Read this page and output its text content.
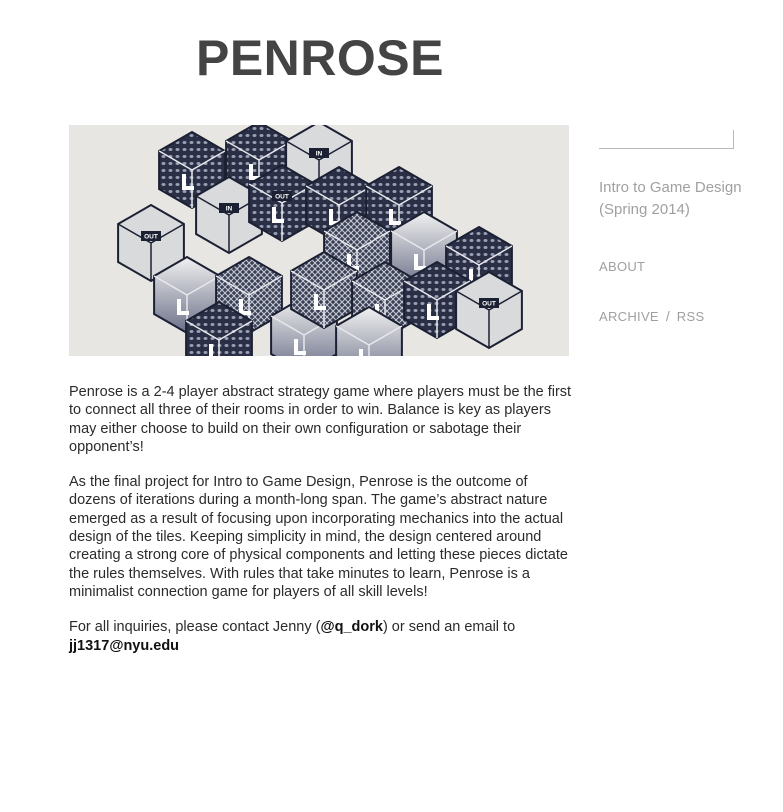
PENROSE
IN
IN
OUT
OUT
OUT

Penrose is a 2-4 player abstract strategy game where players must be the first to connect all three of their rooms in order to win. Balance is key as players may either choose to build on their own configuration or sabotage their opponent’s!

As the final project for Intro to Game Design, Penrose is the outcome of dozens of iterations during a month-long span. The game’s abstract nature emerged as a result of focusing upon incorporating mechanics into the actual design of the tiles. Keeping simplicity in mind, the design centered around creating a strong core of physical components and letting these pieces dictate the rules themselves. With rules that take minutes to learn, Penrose is a minimalist connection game for players of all skill levels!

For all inquiries, please contact Jenny (@q_dork) or send an email to
jj1317@nyu.edu

Intro to Game Design
(Spring 2014)
ABOUT
ARCHIVE / RSS
